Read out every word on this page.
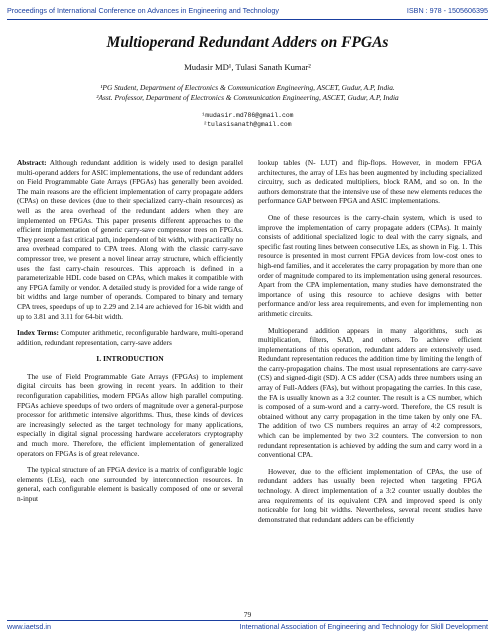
Proceedings of International Conference on Advances in Engineering and Technology	ISBN : 978 - 1505606395
Multioperand Redundant Adders on FPGAs
Mudasir MD¹, Tulasi Sanath Kumar²
¹PG Student, Department of Electronics & Communication Engineering, ASCET, Gudur, A.P, India.
²Asst. Professor, Department of Electronics & Communication Engineering, ASCET, Gudur, A.P, India
¹mudasir.md786@gmail.com
²tulasisanath@gmail.com

Abstract: Although redundant addition is widely used to design parallel multi-operand adders for ASIC implementations, the use of redundant adders on Field Programmable Gate Arrays (FPGAs) has generally been avoided. The main reasons are the efficient implementation of carry propagate adders (CPAs) on these devices (due to their specialized carry-chain resources) as well as the area overhead of the redundant adders when they are implemented on FPGAs. This paper presents different approaches to the efficient implementation of generic carry-save compressor trees on FPGAs. They present a fast critical path, independent of bit width, with practically no area overhead compared to CPA trees. Along with the classic carry-save compressor tree, we present a novel linear array structure, which efficiently uses the fast carry-chain resources. This approach is defined in a parameterizable HDL code based on CPAs, which makes it compatible with any FPGA family or vendor. A detailed study is provided for a wide range of bit widths and large number of operands. Compared to binary and ternary CPA trees, speedups of up to 2.29 and 2.14 are achieved for 16-bit width and up to 3.81 and 3.11 for 64-bit width.

Index Terms: Computer arithmetic, reconfigurable hardware, multi-operand addition, redundant representation, carry-save adders

I. INTRODUCTION

The use of Field Programmable Gate Arrays (FPGAs) to implement digital circuits has been growing in recent years. In addition to their reconfiguration capabilities, modern FPGAs allow high parallel computing. FPGAs achieve speedups of two orders of magnitude over a general-purpose processor for arithmetic intensive algorithms. Thus, these kinds of devices are increasingly selected as the target technology for many applications, especially in digital signal processing hardware accelerators cryptography and much more. Therefore, the efficient implementation of generalized operators on FPGAs is of great relevance.

The typical structure of an FPGA device is a matrix of configurable logic elements (LEs), each one surrounded by interconnection resources. In general, each configurable element is basically composed of one or several n-input

lookup tables (N- LUT) and flip-flops. However, in modern FPGA architectures, the array of LEs has been augmented by including specialized circuitry, such as dedicated multipliers, block RAM, and so on. In the authors demonstrate that the intensive use of these new elements reduces the performance GAP between FPGA and ASIC implementations.

One of these resources is the carry-chain system, which is used to improve the implementation of carry propagate adders (CPAs). It mainly consists of additional specialized logic to deal with the carry signals, and specific fast routing lines between consecutive LEs, as shown in Fig. 1. This resource is presented in most current FPGA devices from low-cost ones to high-end families, and it accelerates the carry propagation by more than one order of magnitude compared to its implementation using general resources. Apart from the CPA implementation, many studies have demonstrated the importance of using this resource to achieve designs with better performance and/or less area requirements, and even for implementing non arithmetic circuits.

Multioperand addition appears in many algorithms, such as multiplication, filters, SAD, and others. To achieve efficient implementations of this operation, redundant adders are extensively used. Redundant representation reduces the addition time by limiting the length of the carry-propagation chains. The most usual representations are carry-save (CS) and signed-digit (SD). A CS adder (CSA) adds three numbers using an array of Full-Adders (FAs), but without propagating the carries. In this case, the FA is usually known as a 3:2 counter. The result is a CS number, which is composed of a sum-word and a carry-word. Therefore, the CS result is obtained without any carry propagation in the time taken by only one FA. The addition of two CS numbers requires an array of 4:2 compressors, which can be implemented by two 3:2 counters. The conversion to non redundant representation is achieved by adding the sum and carry word in a conventional CPA.

However, due to the efficient implementation of CPAs, the use of redundant adders has usually been rejected when targeting FPGA technology. A direct implementation of a 3:2 counter usually doubles the area requirements of its equivalent CPA and improved speed is only noticeable for long bit widths. Nevertheless, several recent studies have demonstrated that redundant adders can be efficiently

79
www.iaetsd.in	International Association of Engineering and Technology for Skill Development
